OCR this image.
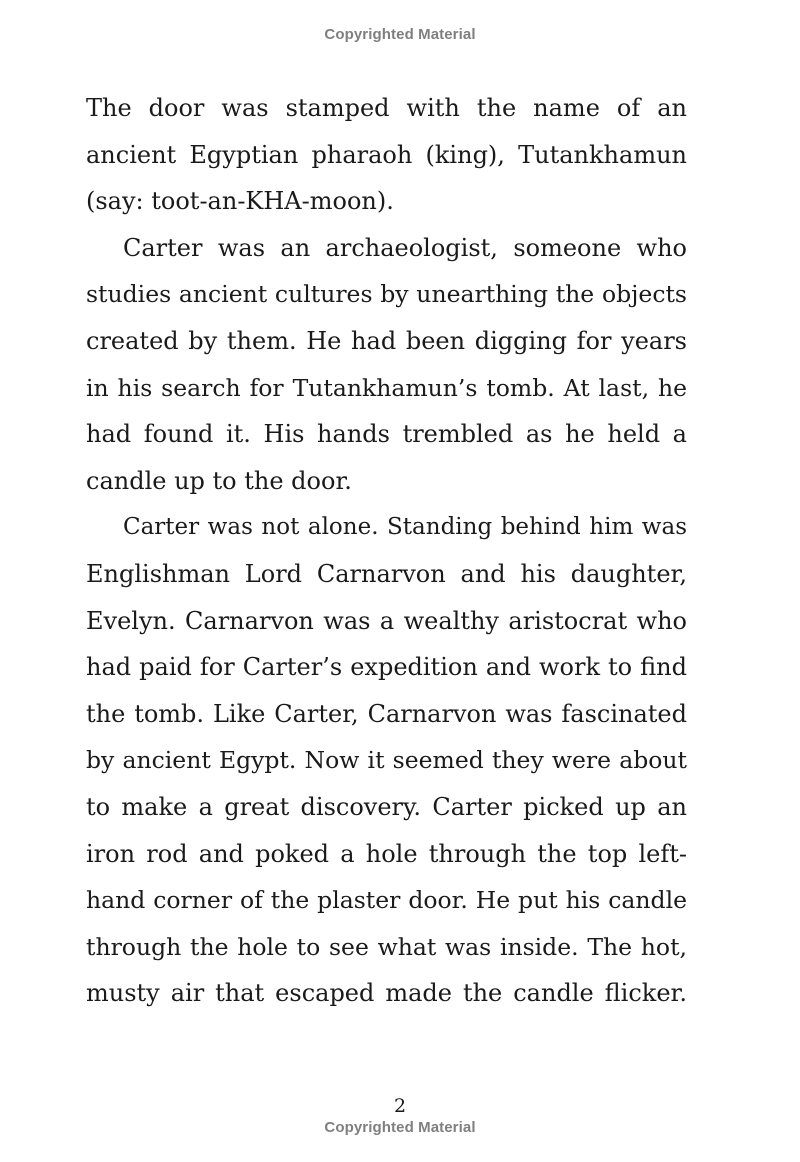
Copyrighted Material
The door was stamped with the name of an
ancient Egyptian pharaoh (king), Tutankhamun
(say: toot-an-KHA-moon).
Carter was an archaeologist, someone who
studies ancient cultures by unearthing the objects
created by them. He had been digging for years
in his search for Tutankhamun’s tomb. At last, he
had found it. His hands trembled as he held a
candle up to the door.
Carter was not alone. Standing behind him was
Englishman Lord Carnarvon and his daughter,
Evelyn. Carnarvon was a wealthy aristocrat who
had paid for Carter’s expedition and work to find
the tomb. Like Carter, Carnarvon was fascinated
by ancient Egypt. Now it seemed they were about
to make a great discovery. Carter picked up an
iron rod and poked a hole through the top left-
hand corner of the plaster door. He put his candle
through the hole to see what was inside. The hot,
musty air that escaped made the candle flicker.
2
Copyrighted Material
